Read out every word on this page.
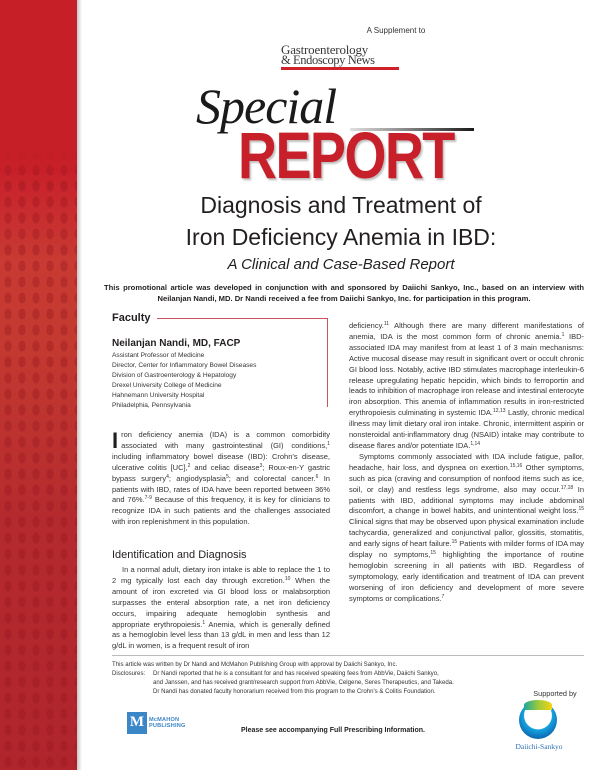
A Supplement to
Gastroenterology
& Endoscopy News
Special
REPORT
Diagnosis and Treatment of
Iron Deficiency Anemia in IBD:
A Clinical and Case-Based Report
This promotional article was developed in conjunction with and sponsored by Daiichi Sankyo, Inc., based on an interview with Neilanjan Nandi, MD. Dr Nandi received a fee from Daiichi Sankyo, Inc. for participation in this program.
Faculty
Neilanjan Nandi, MD, FACP
Assistant Professor of Medicine
Director, Center for Inflammatory Bowel Diseases
Division of Gastroenterology & Hepatology
Drexel University College of Medicine
Hahnemann University Hospital
Philadelphia, Pennsylvania

Iron deficiency anemia (IDA) is a common comorbidity associated with many gastrointestinal (GI) conditions,$^1$ including inflammatory bowel disease (IBD): Crohn's disease, ulcerative colitis [UC],$^2$ and celiac disease$^3$; Roux-en-Y gastric bypass surgery$^4$; angiodysplasia$^5$; and colorectal cancer.$^6$ In patients with IBD, rates of IDA have been reported between 36% and 76%.$^{7-9}$ Because of this frequency, it is key for clinicians to recognize IDA in such patients and the challenges associated with iron replenishment in this population.

Identification and Diagnosis

In a normal adult, dietary iron intake is able to replace the 1 to 2 mg typically lost each day through excretion.$^{10}$ When the amount of iron excreted via GI blood loss or malabsorption surpasses the enteral absorption rate, a net iron deficiency occurs, impairing adequate hemoglobin synthesis and appropriate erythropoiesis.$^1$ Anemia, which is generally defined as a hemoglobin level less than 13 g/dL in men and less than 12 g/dL in women, is a frequent result of iron

deficiency.$^{11}$ Although there are many different manifestations of anemia, IDA is the most common form of chronic anemia.$^1$ IBD-associated IDA may manifest from at least 1 of 3 main mechanisms: Active mucosal disease may result in significant overt or occult chronic GI blood loss. Notably, active IBD stimulates macrophage interleukin-6 release upregulating hepatic hepcidin, which binds to ferroportin and leads to inhibition of macrophage iron release and intestinal enterocyte iron absorption. This anemia of inflammation results in iron-restricted erythropoiesis culminating in systemic IDA.$^{12,13}$ Lastly, chronic medical illness may limit dietary oral iron intake. Chronic, intermittent aspirin or nonsteroidal anti-inflammatory drug (NSAID) intake may contribute to disease flares and/or potentiate IDA.$^{1,14}$

Symptoms commonly associated with IDA include fatigue, pallor, headache, hair loss, and dyspnea on exertion.$^{15,16}$ Other symptoms, such as pica (craving and consumption of nonfood items such as ice, soil, or clay) and restless legs syndrome, also may occur.$^{17,18}$ In patients with IBD, additional symptoms may include abdominal discomfort, a change in bowel habits, and unintentional weight loss.$^{15}$ Clinical signs that may be observed upon physical examination include tachycardia, generalized and conjunctival pallor, glossitis, stomatitis, and early signs of heart failure.$^{15}$ Patients with milder forms of IDA may display no symptoms,$^{15}$ highlighting the importance of routine hemoglobin screening in all patients with IBD. Regardless of symptomology, early identification and treatment of IDA can prevent worsening of iron deficiency and development of more severe symptoms or complications.$^7$

This article was written by Dr Nandi and McMahon Publishing Group with approval by Daiichi Sankyo, Inc.
Disclosures:	Dr Nandi reported that he is a consultant for and has received speaking fees from AbbVie, Daiichi Sankyo,
and Janssen, and has received grant/research support from AbbVie, Celgene, Seres Therapeutics, and Takeda.
Dr Nandi has donated faculty honorarium received from this program to the Crohn's & Colitis Foundation.
M
McMAHON
PUBLISHING
Please see accompanying Full Prescribing Information.
Supported by
Daiichi-Sankyo
